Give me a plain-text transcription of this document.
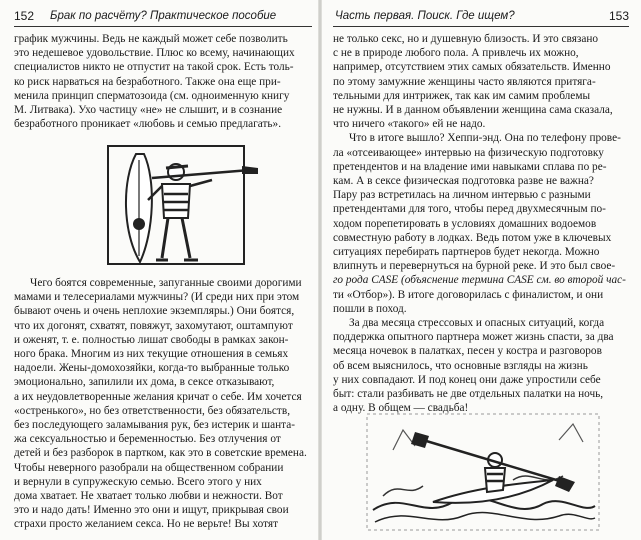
152 Брак по расчёту? Практическое пособие
график мужчины. Ведь не каждый может себе позволить
это недешевое удовольствие. Плюс ко всему, начинающих
специалистов никто не отпустит на такой срок. Есть толь-
ко риск нарваться на безработного. Также она еще при-
менила принцип сперматозоида (см. одноименную книгу
М. Литвака). Ухо частицу «не» не слышит, и в сознание
безработного проникает «любовь и семью предлагать».
Чего боятся современные, запуганные своими дорогими
мамами и телесериалами мужчины? (И среди них при этом
бывают очень и очень неплохие экземпляры.) Они боятся,
что их догонят, схватят, повяжут, захомутают, оштампуют
и оженят, т. е. полностью лишат свободы в рамках закон-
ного брака. Многим из них текущие отношения в семьях
надоели. Жены-домохозяйки, когда-то выбранные только
эмоционально, запилили их дома, в сексе отказывают,
а их неудовлетворенные желания кричат о себе. Им хочется
«остренького», но без ответственности, без обязательств,
без последующего заламывания рук, без истерик и шанта-
жа сексуальностью и беременностью. Без отлучения от
детей и без разборок в партком, как это в советские времена.
Чтобы неверного разобрали на общественном собрании
и вернули в супружескую семью. Всего этого у них
дома хватает. Не хватает только любви и нежности. Вот
это и надо дать! Именно это они и ищут, прикрывая свои
страхи просто желанием секса. Но не верьте! Вы хотят
Часть первая. Поиск. Где ищем?	153
не только секс, но и душевную близость. И это связано
с не в природе любого пола. А привлечь их можно,
например, отсутствием этих самых обязательств. Именно
по этому замужние женщины часто являются притяга-
тельными для интрижек, так как им самим проблемы
не нужны. И в данном объявлении женщина сама сказала,
что ничего «такого» ей не надо.
Что в итоге вышло? Хеппи-энд. Она по телефону прове-
ла «отсеивающее» интервью на физическую подготовку
претендентов и на владение ими навыками сплава по ре-
кам. А в сексе физическая подготовка разве не важна?
Пару раз встретилась на личном интервью с разными
претендентами для того, чтобы перед двухмесячным по-
ходом порепетировать в условиях домашних водоемов
совместную работу в лодках. Ведь потом уже в ключевых
ситуациях перебирать партнеров будет некогда. Можно
влипнуть и перевернуться на бурной реке. И это был свое-
го рода CASE (объяснение термина CASE см. во второй час-
ти «Отбор»). В итоге договорилась с финалистом, и они
пошли в поход.
За два месяца стрессовых и опасных ситуаций, когда
поддержка опытного партнера может жизнь спасти, за два
месяца ночевок в палатках, песен у костра и разговоров
об всем выяснилось, что основные взгляды на жизнь
у них совпадают. И под конец они даже упростили себе
быт: стали разбивать не две отдельных палатки на ночь,
а одну. В общем — свадьба!
